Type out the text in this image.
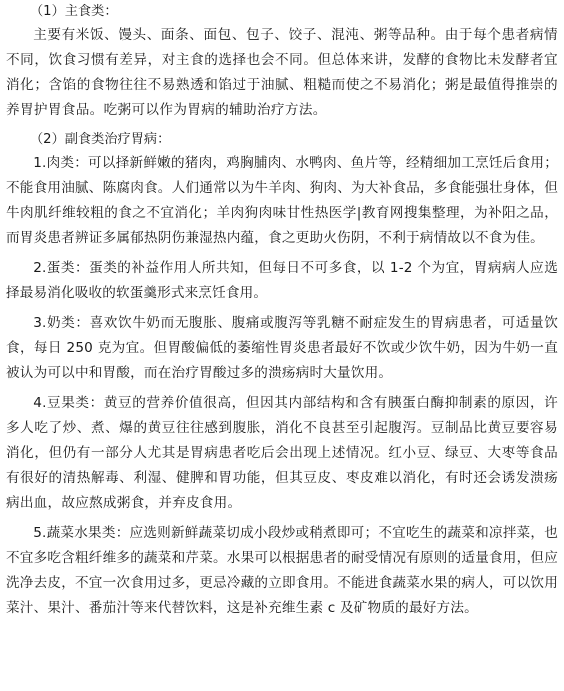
（1）主食类：

主要有米饭、馒头、面条、面包、包子、饺子、混沌、粥等品种。由于每个患者病情不同，饮食习惯有差异，对主食的选择也会不同。但总体来讲，发酵的食物比未发酵者宜消化；含馅的食物往往不易熟透和馅过于油腻、粗糙而使之不易消化；粥是最值得推崇的养胃护胃食品。吃粥可以作为胃病的辅助治疗方法。

（2）副食类治疗胃病：

1.肉类：可以择新鲜嫩的猪肉，鸡胸脯肉、水鸭肉、鱼片等，经精细加工烹饪后食用；不能食用油腻、陈腐肉食。人们通常以为牛羊肉、狗肉、为大补食品，多食能强壮身体，但牛肉肌纤维较粗的食之不宜消化；羊肉狗肉味甘性热医学|教育网搜集整理，为补阳之品，而胃炎患者辨证多属郁热阴伤兼湿热内蕴，食之更助火伤阴，不利于病情故以不食为佳。

2.蛋类：蛋类的补益作用人所共知，但每日不可多食，以 1-2 个为宜，胃病病人应选择最易消化吸收的软蛋羹形式来烹饪食用。

3.奶类：喜欢饮牛奶而无腹胀、腹痛或腹泻等乳糖不耐症发生的胃病患者，可适量饮食，每日 250 克为宜。但胃酸偏低的萎缩性胃炎患者最好不饮或少饮牛奶，因为牛奶一直被认为可以中和胃酸，而在治疗胃酸过多的溃疡病时大量饮用。

4.豆果类：黄豆的营养价值很高，但因其内部结构和含有胰蛋白酶抑制素的原因，许多人吃了炒、煮、爆的黄豆往往感到腹胀，消化不良甚至引起腹泻。豆制品比黄豆要容易消化，但仍有一部分人尤其是胃病患者吃后会出现上述情况。红小豆、绿豆、大枣等食品有很好的清热解毒、利湿、健脾和胃功能，但其豆皮、枣皮难以消化，有时还会诱发溃疡病出血，故应熬成粥食，并弃皮食用。

5.蔬菜水果类：应选则新鲜蔬菜切成小段炒或稍煮即可；不宜吃生的蔬菜和凉拌菜，也不宜多吃含粗纤维多的蔬菜和芹菜。水果可以根据患者的耐受情况有原则的适量食用，但应洗净去皮，不宜一次食用过多，更忌冷藏的立即食用。不能进食蔬菜水果的病人，可以饮用菜汁、果汁、番茄汁等来代替饮料，这是补充维生素 c 及矿物质的最好方法。
